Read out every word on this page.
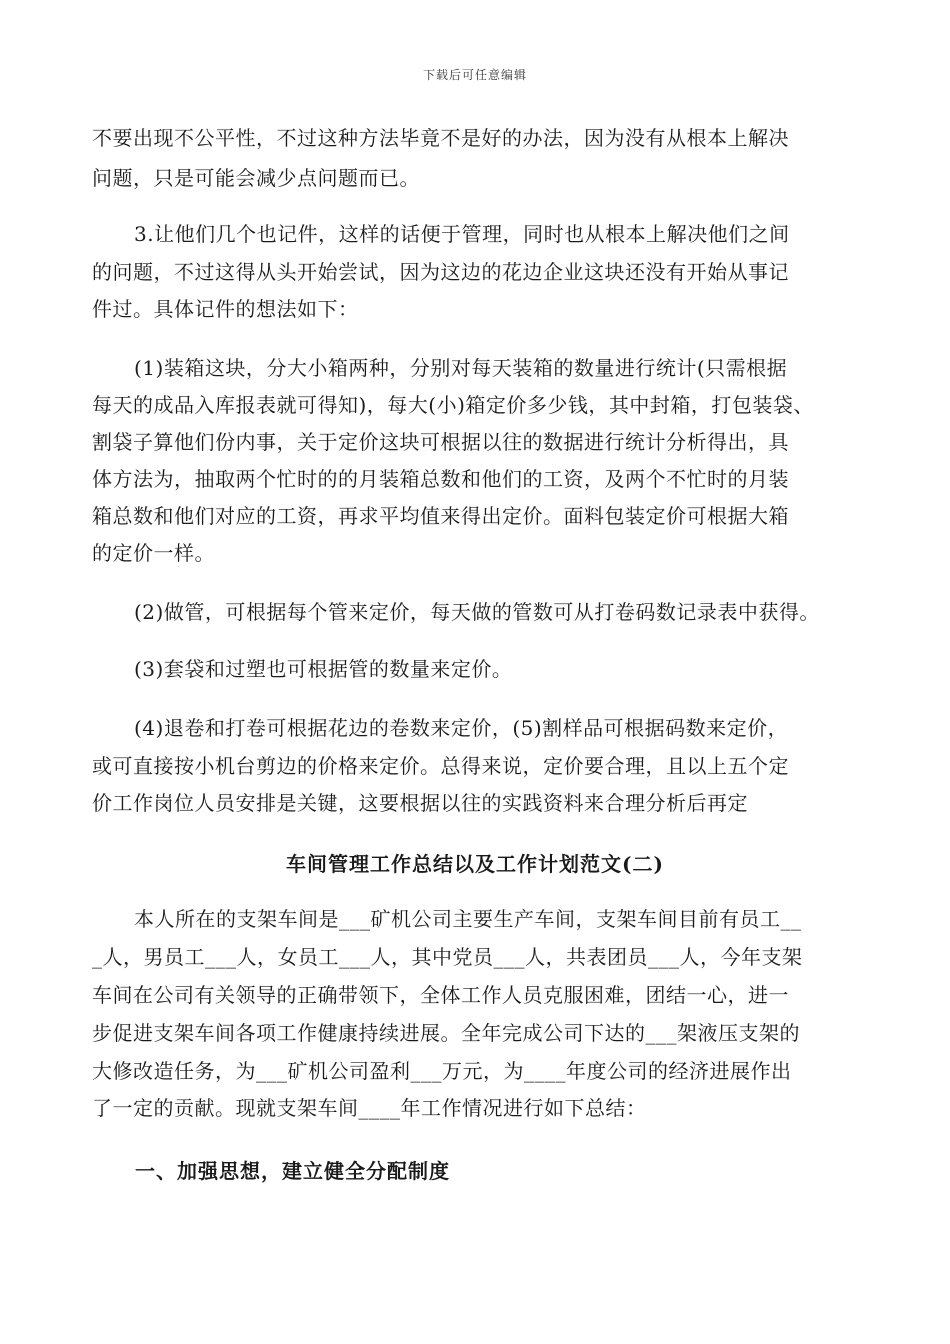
下载后可任意编辑
不要出现不公平性，不过这种方法毕竟不是好的办法，因为没有从根本上解决
问题，只是可能会减少点问题而已。
3.让他们几个也记件，这样的话便于管理，同时也从根本上解决他们之间
的问题，不过这得从头开始尝试，因为这边的花边企业这块还没有开始从事记
件过。具体记件的想法如下：
(1)装箱这块，分大小箱两种，分别对每天装箱的数量进行统计(只需根据
每天的成品入库报表就可得知)，每大(小)箱定价多少钱，其中封箱，打包装袋、
割袋子算他们份内事，关于定价这块可根据以往的数据进行统计分析得出，具
体方法为，抽取两个忙时的的月装箱总数和他们的工资，及两个不忙时的月装
箱总数和他们对应的工资，再求平均值来得出定价。面料包装定价可根据大箱
的定价一样。
(2)做管，可根据每个管来定价，每天做的管数可从打卷码数记录表中获得。
(3)套袋和过塑也可根据管的数量来定价。
(4)退卷和打卷可根据花边的卷数来定价，(5)割样品可根据码数来定价，
或可直接按小机台剪边的价格来定价。总得来说，定价要合理，且以上五个定
价工作岗位人员安排是关键，这要根据以往的实践资料来合理分析后再定
车间管理工作总结以及工作计划范文(二)
本人所在的支架车间是___矿机公司主要生产车间，支架车间目前有员工__
_人，男员工___人，女员工___人，其中党员___人，共表团员___人，今年支架
车间在公司有关领导的正确带领下，全体工作人员克服困难，团结一心，进一
步促进支架车间各项工作健康持续进展。全年完成公司下达的___架液压支架的
大修改造任务，为___矿机公司盈利___万元，为____年度公司的经济进展作出
了一定的贡献。现就支架车间____年工作情况进行如下总结：
一、加强思想，建立健全分配制度
